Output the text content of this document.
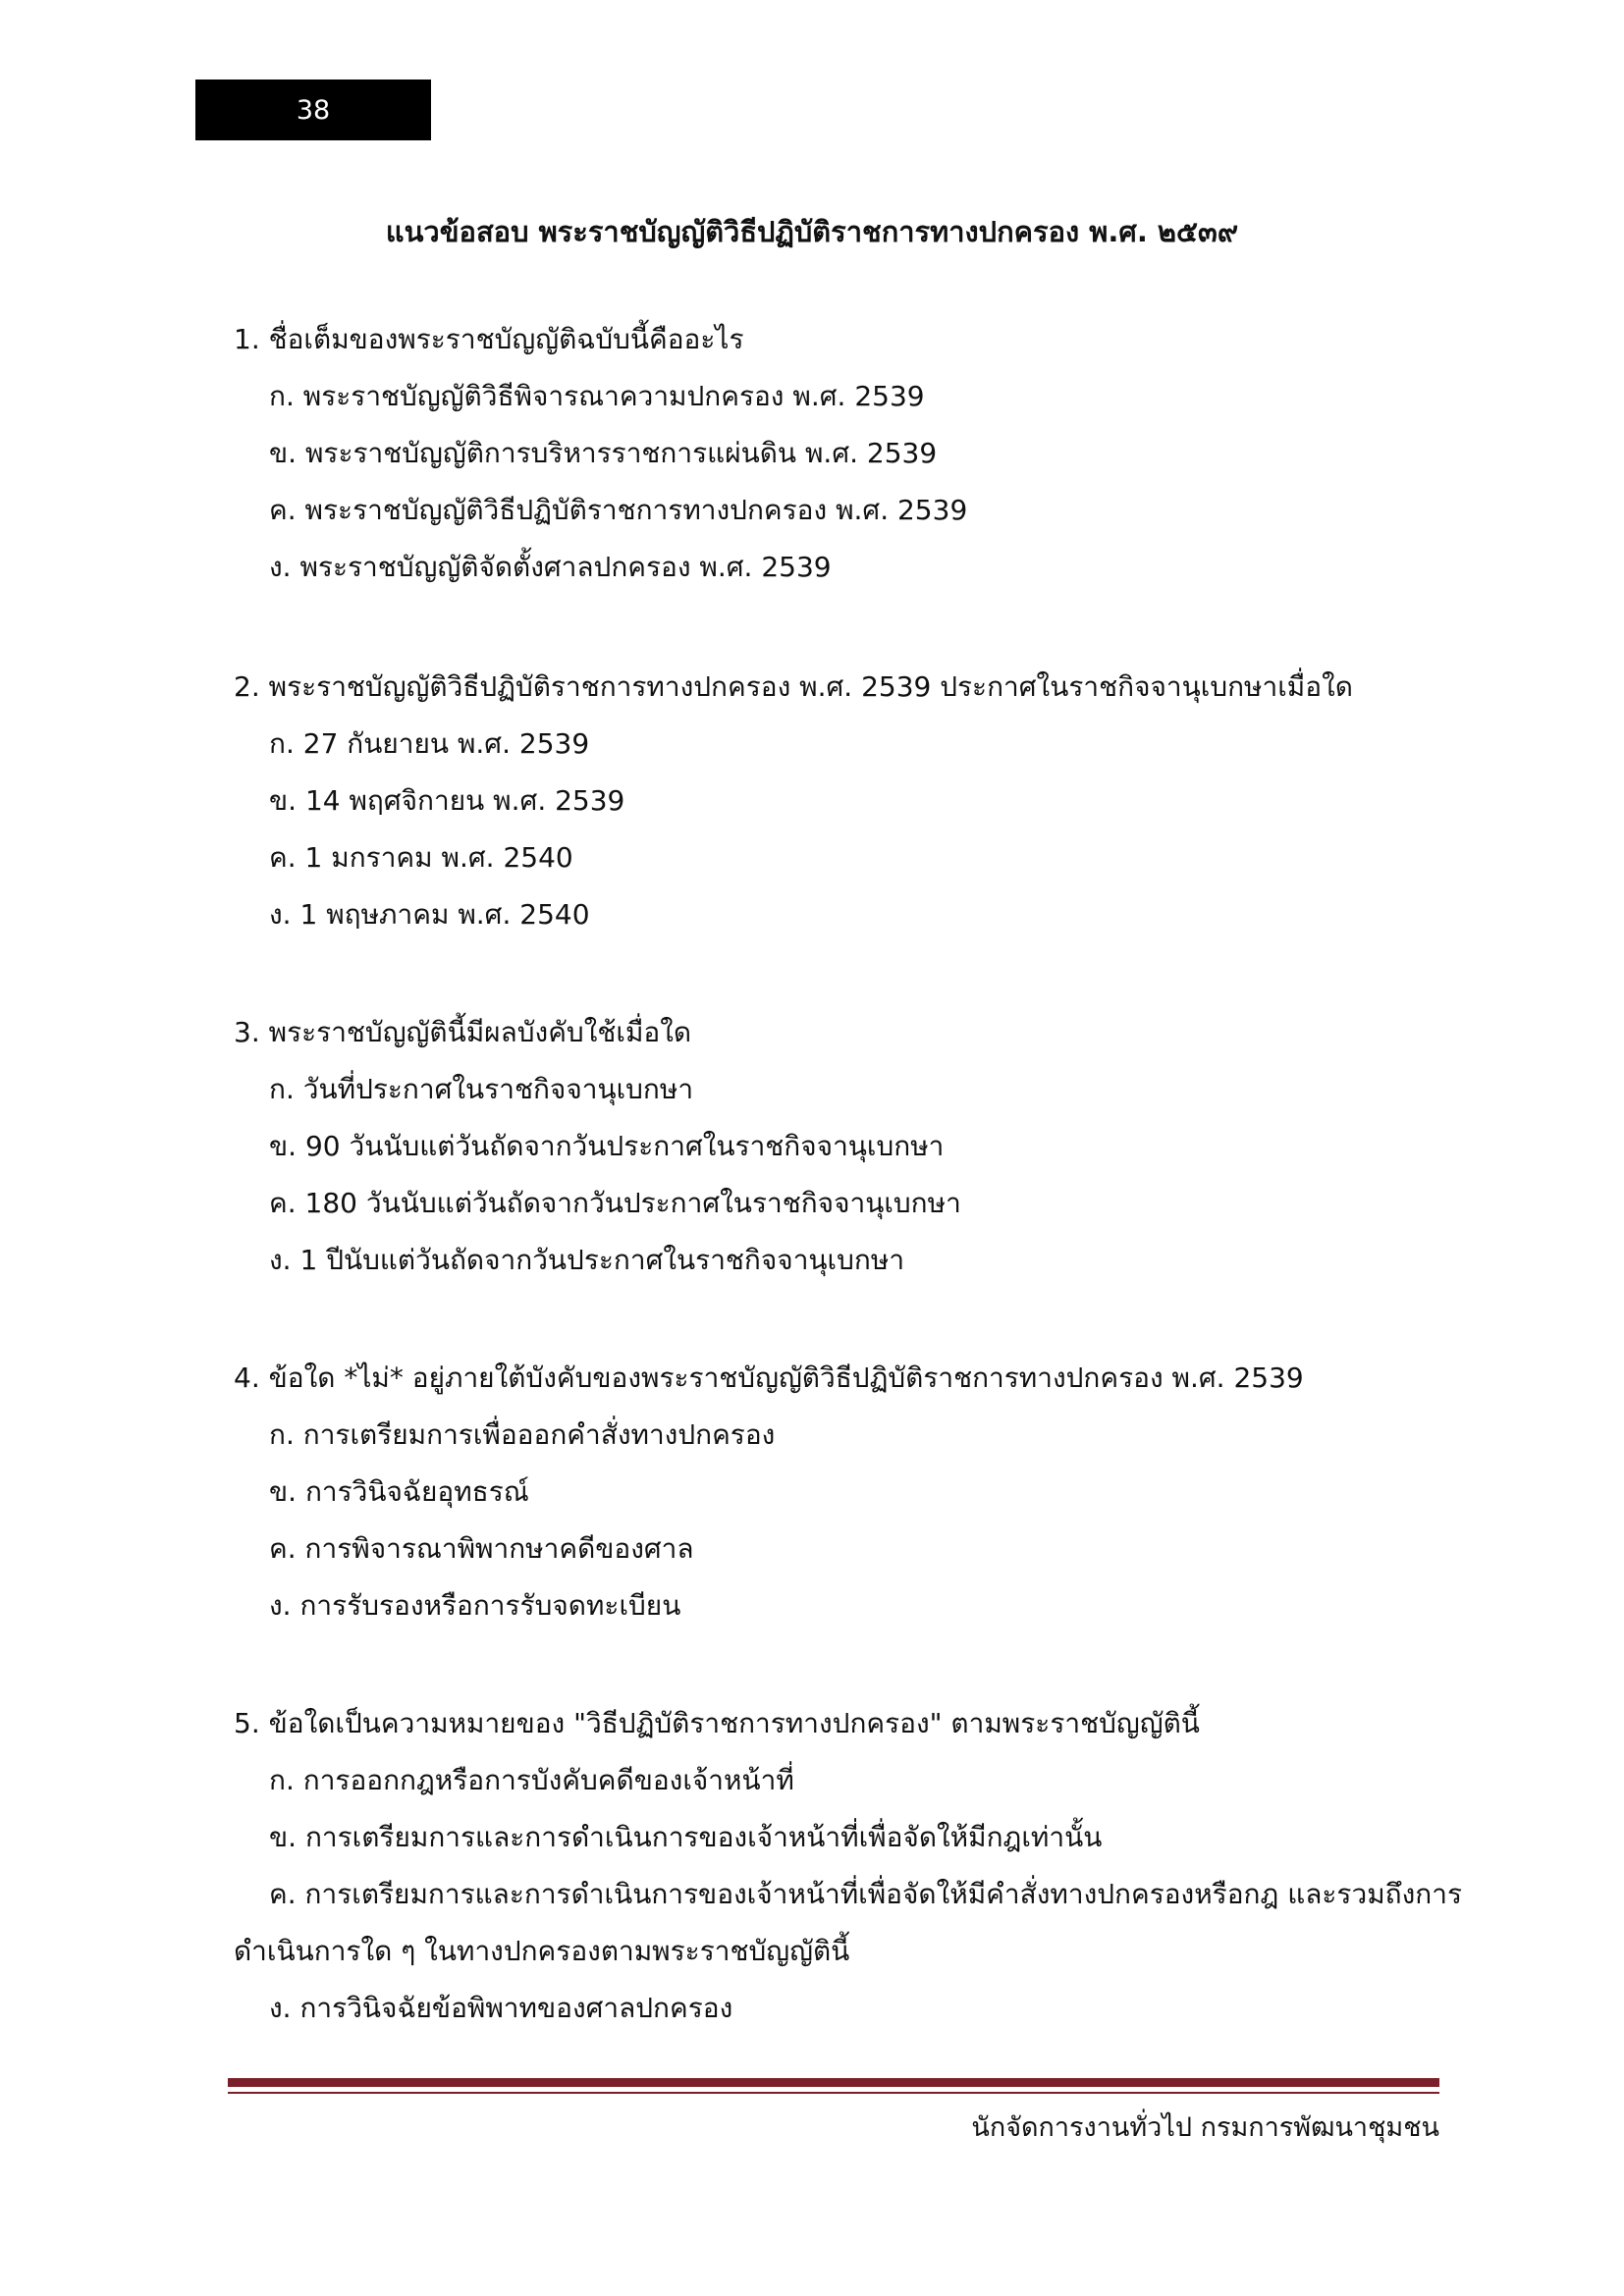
38
แนวข้อสอบ พระราชบัญญัติวิธีปฏิบัติราชการทางปกครอง พ.ศ. ๒๕๓๙
1. ชื่อเต็มของพระราชบัญญัติฉบับนี้คืออะไร
ก. พระราชบัญญัติวิธีพิจารณาความปกครอง พ.ศ. 2539
ข. พระราชบัญญัติการบริหารราชการแผ่นดิน พ.ศ. 2539
ค. พระราชบัญญัติวิธีปฏิบัติราชการทางปกครอง พ.ศ. 2539
ง. พระราชบัญญัติจัดตั้งศาลปกครอง พ.ศ. 2539
2. พระราชบัญญัติวิธีปฏิบัติราชการทางปกครอง พ.ศ. 2539 ประกาศในราชกิจจานุเบกษาเมื่อใด
ก. 27 กันยายน พ.ศ. 2539
ข. 14 พฤศจิกายน พ.ศ. 2539
ค. 1 มกราคม พ.ศ. 2540
ง. 1 พฤษภาคม พ.ศ. 2540
3. พระราชบัญญัตินี้มีผลบังคับใช้เมื่อใด
ก. วันที่ประกาศในราชกิจจานุเบกษา
ข. 90 วันนับแต่วันถัดจากวันประกาศในราชกิจจานุเบกษา
ค. 180 วันนับแต่วันถัดจากวันประกาศในราชกิจจานุเบกษา
ง. 1 ปีนับแต่วันถัดจากวันประกาศในราชกิจจานุเบกษา
4. ข้อใด *ไม่* อยู่ภายใต้บังคับของพระราชบัญญัติวิธีปฏิบัติราชการทางปกครอง พ.ศ. 2539
ก. การเตรียมการเพื่อออกคำสั่งทางปกครอง
ข. การวินิจฉัยอุทธรณ์
ค. การพิจารณาพิพากษาคดีของศาล
ง. การรับรองหรือการรับจดทะเบียน
5. ข้อใดเป็นความหมายของ "วิธีปฏิบัติราชการทางปกครอง" ตามพระราชบัญญัตินี้
ก. การออกกฎหรือการบังคับคดีของเจ้าหน้าที่
ข. การเตรียมการและการดำเนินการของเจ้าหน้าที่เพื่อจัดให้มีกฎเท่านั้น
ค. การเตรียมการและการดำเนินการของเจ้าหน้าที่เพื่อจัดให้มีคำสั่งทางปกครองหรือกฎ และรวมถึงการ
ดำเนินการใด ๆ ในทางปกครองตามพระราชบัญญัตินี้
ง. การวินิจฉัยข้อพิพาทของศาลปกครอง
นักจัดการงานทั่วไป กรมการพัฒนาชุมชน
